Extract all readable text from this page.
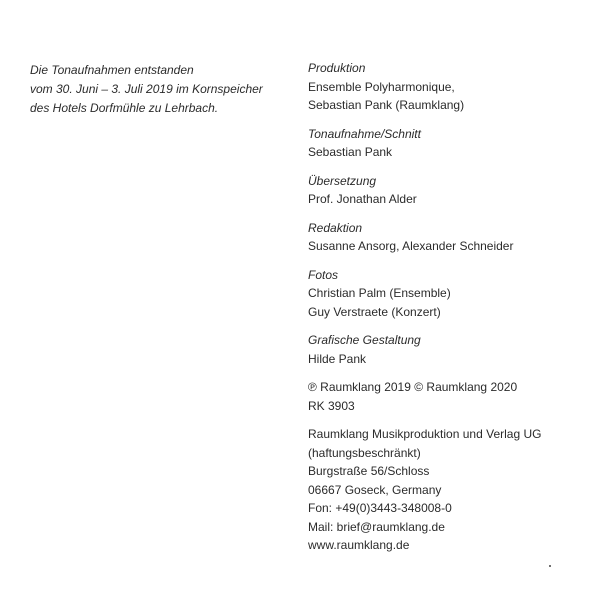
Die Tonaufnahmen entstanden
vom 30. Juni – 3. Juli 2019 im Kornspeicher
des Hotels Dorfmühle zu Lehrbach.
Produktion
Ensemble Polyharmonique,
Sebastian Pank (Raumklang)
Tonaufnahme/Schnitt
Sebastian Pank
Übersetzung
Prof. Jonathan Alder
Redaktion
Susanne Ansorg, Alexander Schneider
Fotos
Christian Palm (Ensemble)
Guy Verstraete (Konzert)
Grafische Gestaltung
Hilde Pank
℗ Raumklang 2019 © Raumklang 2020
RK 3903
Raumklang Musikproduktion und Verlag UG
(haftungsbeschränkt)
Burgstraße 56/Schloss
06667 Goseck, Germany
Fon: +49(0)3443-348008-0
Mail: brief@raumklang.de
www.raumklang.de
